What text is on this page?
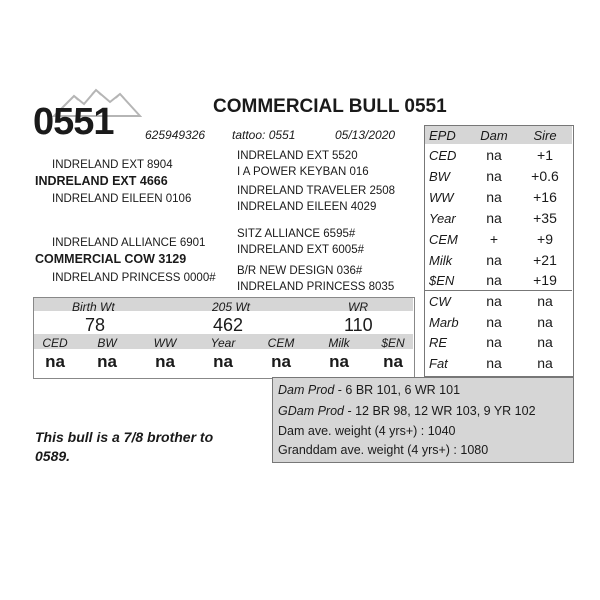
0551	COMMERCIAL BULL 0551
625949326 tattoo: 0551	05/13/2020
INDRELAND EXT 8904
INDRELAND EXT 4666
INDRELAND EILEEN 0106
INDRELAND EXT 5520
I A POWER KEYBAN 016
INDRELAND TRAVELER 2508
INDRELAND EILEEN 4029
INDRELAND ALLIANCE 6901
COMMERCIAL COW 3129
INDRELAND PRINCESS 0000#
SITZ ALLIANCE 6595#
INDRELAND EXT 6005#
B/R NEW DESIGN 036#
INDRELAND PRINCESS 8035
Birth Wt	205 Wt	WR
78	462	110
CED	BW	WW	Year	CEM	Milk	$EN
na	na	na	na	na	na	na
EPD	Dam	Sire
CED	na	+1
BW	na	+0.6
WW	na	+16
Year	na	+35
CEM	+	+9
Milk	na	+21
$EN	na	+19
CW	na	na
Marb	na	na
RE	na	na
Fat	na	na
Dam Prod - 6 BR 101, 6 WR 101
GDam Prod - 12 BR 98, 12 WR 103, 9 YR 102
Dam ave. weight (4 yrs+) : 1040
Granddam ave. weight (4 yrs+) : 1080
This bull is a 7/8 brother to 0589.
